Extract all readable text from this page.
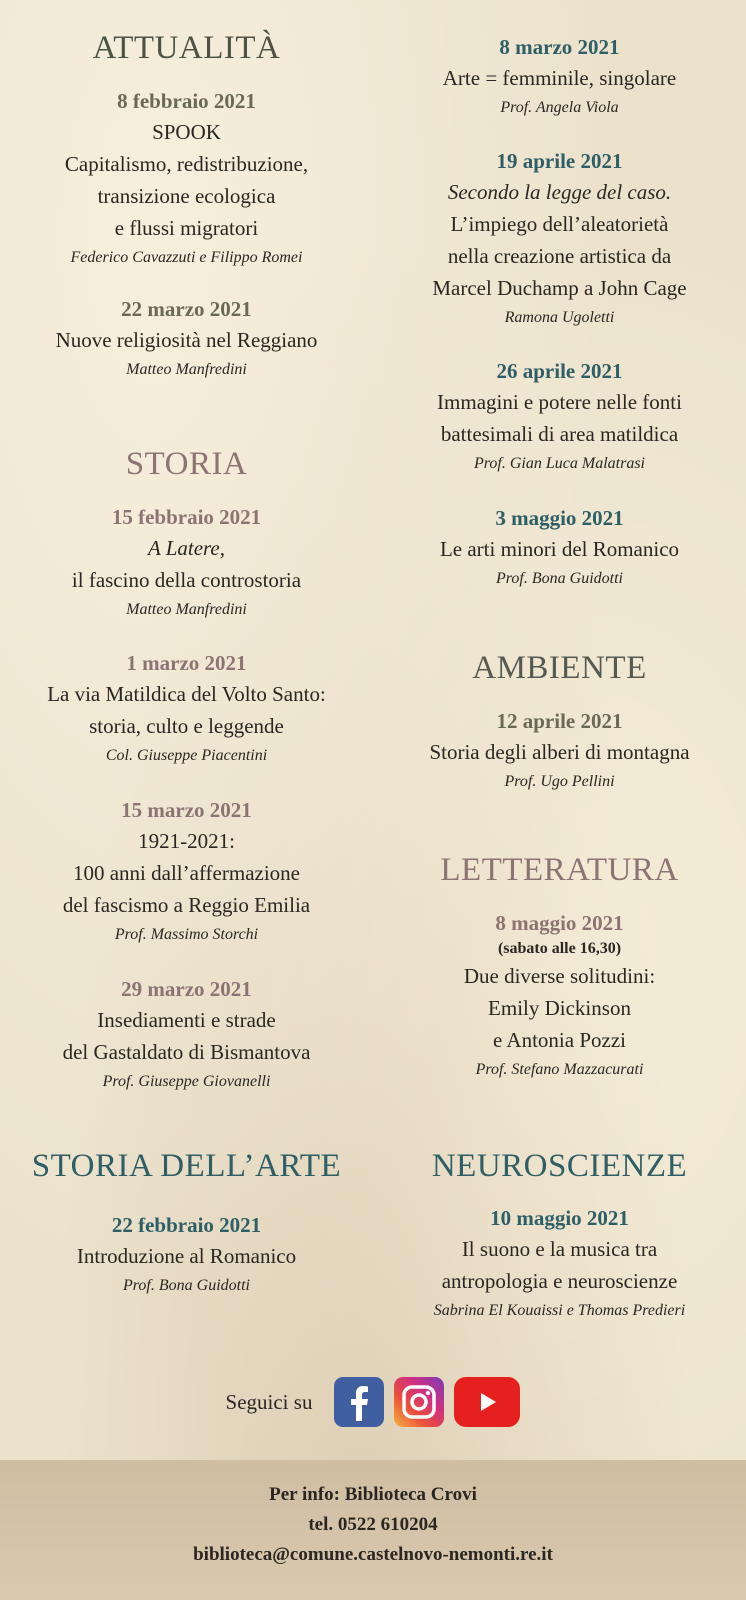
ATTUALITÀ
8 febbraio 2021
SPOOK
Capitalismo, redistribuzione,
transizione ecologica
e flussi migratori
Federico Cavazzuti e Filippo Romei
22 marzo 2021
Nuove religiosità nel Reggiano
Matteo Manfredini
STORIA
15 febbraio 2021
A Latere,
il fascino della controstoria
Matteo Manfredini
1 marzo 2021
La via Matildica del Volto Santo:
storia, culto e leggende
Col. Giuseppe Piacentini
15 marzo 2021
1921-2021:
100 anni dall’affermazione
del fascismo a Reggio Emilia
Prof. Massimo Storchi
29 marzo 2021
Insediamenti e strade
del Gastaldato di Bismantova
Prof. Giuseppe Giovanelli
STORIA DELL’ARTE
22 febbraio 2021
Introduzione al Romanico
Prof. Bona Guidotti
8 marzo 2021
Arte = femminile, singolare
Prof. Angela Viola
19 aprile 2021
Secondo la legge del caso.
L’impiego dell’aleatorietà
nella creazione artistica da
Marcel Duchamp a John Cage
Ramona Ugoletti
26 aprile 2021
Immagini e potere nelle fonti
battesimali di area matildica
Prof. Gian Luca Malatrasi
3 maggio 2021
Le arti minori del Romanico
Prof. Bona Guidotti
AMBIENTE
12 aprile 2021
Storia degli alberi di montagna
Prof. Ugo Pellini
LETTERATURA
8 maggio 2021
(sabato alle 16,30)
Due diverse solitudini:
Emily Dickinson
e Antonia Pozzi
Prof. Stefano Mazzacurati
NEUROSCIENZE
10 maggio 2021
Il suono e la musica tra
antropologia e neuroscienze
Sabrina El Kouaissi e Thomas Predieri
Seguici su
Per info: Biblioteca Crovi
tel. 0522 610204
biblioteca@comune.castelnovo-nemonti.re.it
